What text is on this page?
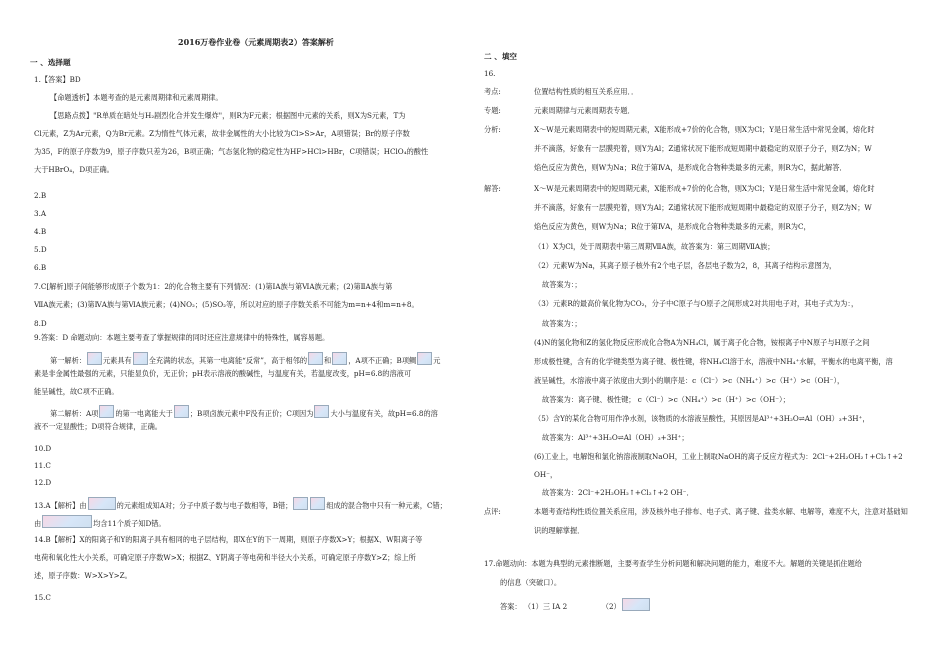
2016万卷作业卷（元素周期表2）答案解析
一 、选择题
1.【答案】BD
【命题透析】本题考查的是元素周期律和元素周期律。
【思路点拨】"R单质在暗处与H₂剧烈化合并发生爆炸"，则R为F元素；根据图中元素的关系，则X为S元素，T为
Cl元素，Z为Ar元素，Q为Br元素。Z为惰性气体元素，故非金属性的大小比较为Cl>S>Ar，A项错误；Br的原子序数
为35，F的原子序数为9，原子序数只差为26，B项正确；气态氢化物的稳定性为HF>HCl>HBr，C项错误；HClO₄的酸性
大于HBrO₄，D项正确。
2.B
3.A
4.B
5.D
6.B
7.C[解析]原子间能够形成原子个数为1：2的化合物主要有下列情况：(1)第ⅠA族与第ⅥA族元素；(2)第ⅡA族与第
ⅦA族元素；(3)第ⅣA族与第ⅥA族元素；(4)NO₂；(5)SO₂等，所以对应的原子序数关系不可能为m=n+4和m=n+8。
8.D
9.答案：D 命题动向：本题主要考查了掌握规律的同时还应注意规律中的特殊性，属容易题。
第一解析： 元素具有 全充满的状态，其第一电离能“反常”，高于相邻的 和 ，A项不正确；B项鲷 元
素是非金属性最强的元素，只能显负价，无正价；pH表示溶液的酸碱性，与温度有关，若温度改变，pH=6.8的溶液可
能呈碱性，故C项不正确。
第二解析：A项 的第一电离能大于 ；B项卤族元素中F没有正价；C项因为 大小与温度有关，故pH=6.8的溶
液不一定显酸性；D项符合规律，正确。
10.D
11.C
12.D
13.A【解析】由	的元素组成知A对；分子中质子数与电子数相等，B错；	组成的混合物中只有一种元素，C错；
由	均含11个质子知D错。
14.B【解析】X的阳离子和Y的阳离子具有相同的电子层结构，即X在Y的下一周期，则原子序数X>Y；根据X、W阳离子等
电荷和氧化性大小关系，可确定原子序数W>X；根据Z、Y阴离子等电荷和半径大小关系，可确定原子序数Y>Z；综上所
述，原子序数：W>X>Y>Z。
15.C
二 、填空
16.
考点:	位置结构性质的相互关系应用．．
专题:	元素周期律与元素周期表专题．
分析:	X～W是元素周期表中的短周期元素，X能形成+7价的化合物，则X为Cl；Y是日常生活中常见金属，熔化时
并不滴落，好象有一层膜兜着，则Y为Al；Z通常状况下能形成短周期中最稳定的双原子分子，则Z为N；W
焰色反应为黄色，则W为Na；R位于第ⅣA，是形成化合物种类最多的元素，则R为C，据此解答．
解答:	X～W是元素周期表中的短周期元素，X能形成+7价的化合物，则X为Cl；Y是日常生活中常见金属，熔化时
并不滴落，好象有一层膜兜着，则Y为Al；Z通常状况下能形成短周期中最稳定的双原子分子，则Z为N；W
焰色反应为黄色，则W为Na；R位于第ⅣA，是形成化合物种类最多的元素，则R为C，
（1）X为Cl，处于周期表中第三周期ⅦA族，故答案为：第三周期ⅦA族；
（2）元素W为Na，其离子原子核外有2个电子层，各层电子数为2，8，其离子结构示意图为，
故答案为：；
（3）元素R的最高价氧化物为CO₂，分子中C原子与O原子之间形成2对共用电子对，其电子式为为：，
故答案为：；
(4)N的氢化物和Z的氢化物反应形成化合物A为NH₄Cl，属于离子化合物，铵根离子中N原子与H原子之间
形成极性键，含有的化学键类型为离子键、极性键，将NH₄Cl溶于水，溶液中NH₄⁺水解，平衡水的电离平衡，溶
液呈碱性，水溶液中离子浓度由大到小的顺序是：c（Cl⁻）>c（NH₄⁺）>c（H⁺）>c（OH⁻），
故答案为：离子键、极性键； c（Cl⁻）>c（NH₄⁺）>c（H⁺）>c（OH⁻）；
（5）含Y的某化合物可用作净水剂，该物质的水溶液呈酸性，其原因是Al³⁺+3H₂O⇌Al（OH）₃+3H⁺，
故答案为：Al³⁺+3H₂O⇌Al（OH）₃+3H⁺；
(6)工业上，电解饱和氯化钠溶液制取NaOH，工业上制取NaOH的离子反应方程式为：2Cl⁻+2H₂OH₂↑+Cl₂↑+2
OH⁻，
故答案为：2Cl⁻+2H₂OH₂↑+Cl₂↑+2 OH⁻．
点评:	本题考查结构性质位置关系应用，涉及核外电子排布、电子式、离子键、盐类水解、电解等，难度不大，注意对基础知
识的理解掌握．
17.命题动向：本题为典型的元素推断题，主要考查学生分析问题和解决问题的能力，难度不大。解题的关键是抓住题给
的信息（突破口）。
答案： （1）三 ⅠA 2	（2）
